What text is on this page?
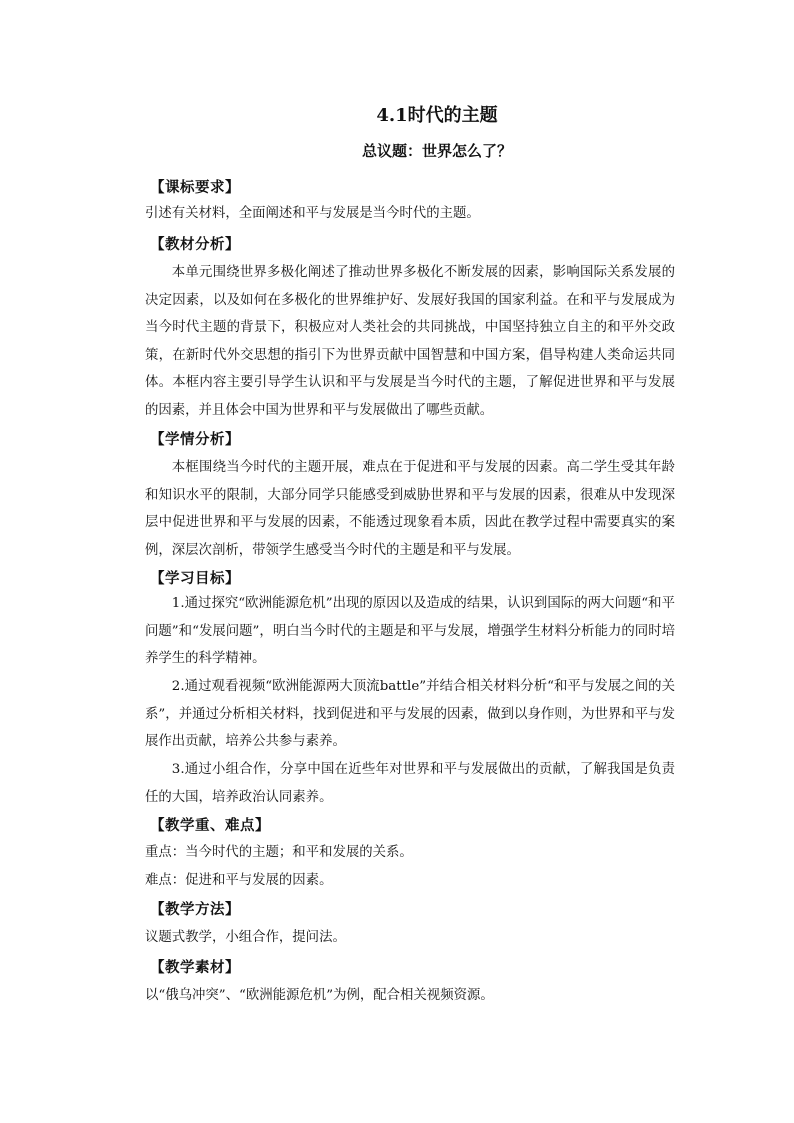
4.1时代的主题
总议题：世界怎么了？
【课标要求】
引述有关材料，全面阐述和平与发展是当今时代的主题。
【教材分析】
本单元围绕世界多极化阐述了推动世界多极化不断发展的因素，影响国际关系发展的决定因素，以及如何在多极化的世界维护好、发展好我国的国家利益。在和平与发展成为当今时代主题的背景下，积极应对人类社会的共同挑战，中国坚持独立自主的和平外交政策，在新时代外交思想的指引下为世界贡献中国智慧和中国方案，倡导构建人类命运共同体。本框内容主要引导学生认识和平与发展是当今时代的主题，了解促进世界和平与发展的因素，并且体会中国为世界和平与发展做出了哪些贡献。
【学情分析】
本框围绕当今时代的主题开展，难点在于促进和平与发展的因素。高二学生受其年龄和知识水平的限制，大部分同学只能感受到威胁世界和平与发展的因素，很难从中发现深层中促进世界和平与发展的因素，不能透过现象看本质，因此在教学过程中需要真实的案例，深层次剖析，带领学生感受当今时代的主题是和平与发展。
【学习目标】
1.通过探究“欧洲能源危机”出现的原因以及造成的结果，认识到国际的两大问题“和平问题”和“发展问题”，明白当今时代的主题是和平与发展，增强学生材料分析能力的同时培养学生的科学精神。
2.通过观看视频“欧洲能源两大顶流battle”并结合相关材料分析“和平与发展之间的关系”，并通过分析相关材料，找到促进和平与发展的因素，做到以身作则，为世界和平与发展作出贡献，培养公共参与素养。
3.通过小组合作，分享中国在近些年对世界和平与发展做出的贡献，了解我国是负责任的大国，培养政治认同素养。
【教学重、难点】
重点：当今时代的主题；和平和发展的关系。
难点：促进和平与发展的因素。
【教学方法】
议题式教学，小组合作，提问法。
【教学素材】
以“俄乌冲突”、“欧洲能源危机”为例，配合相关视频资源。
